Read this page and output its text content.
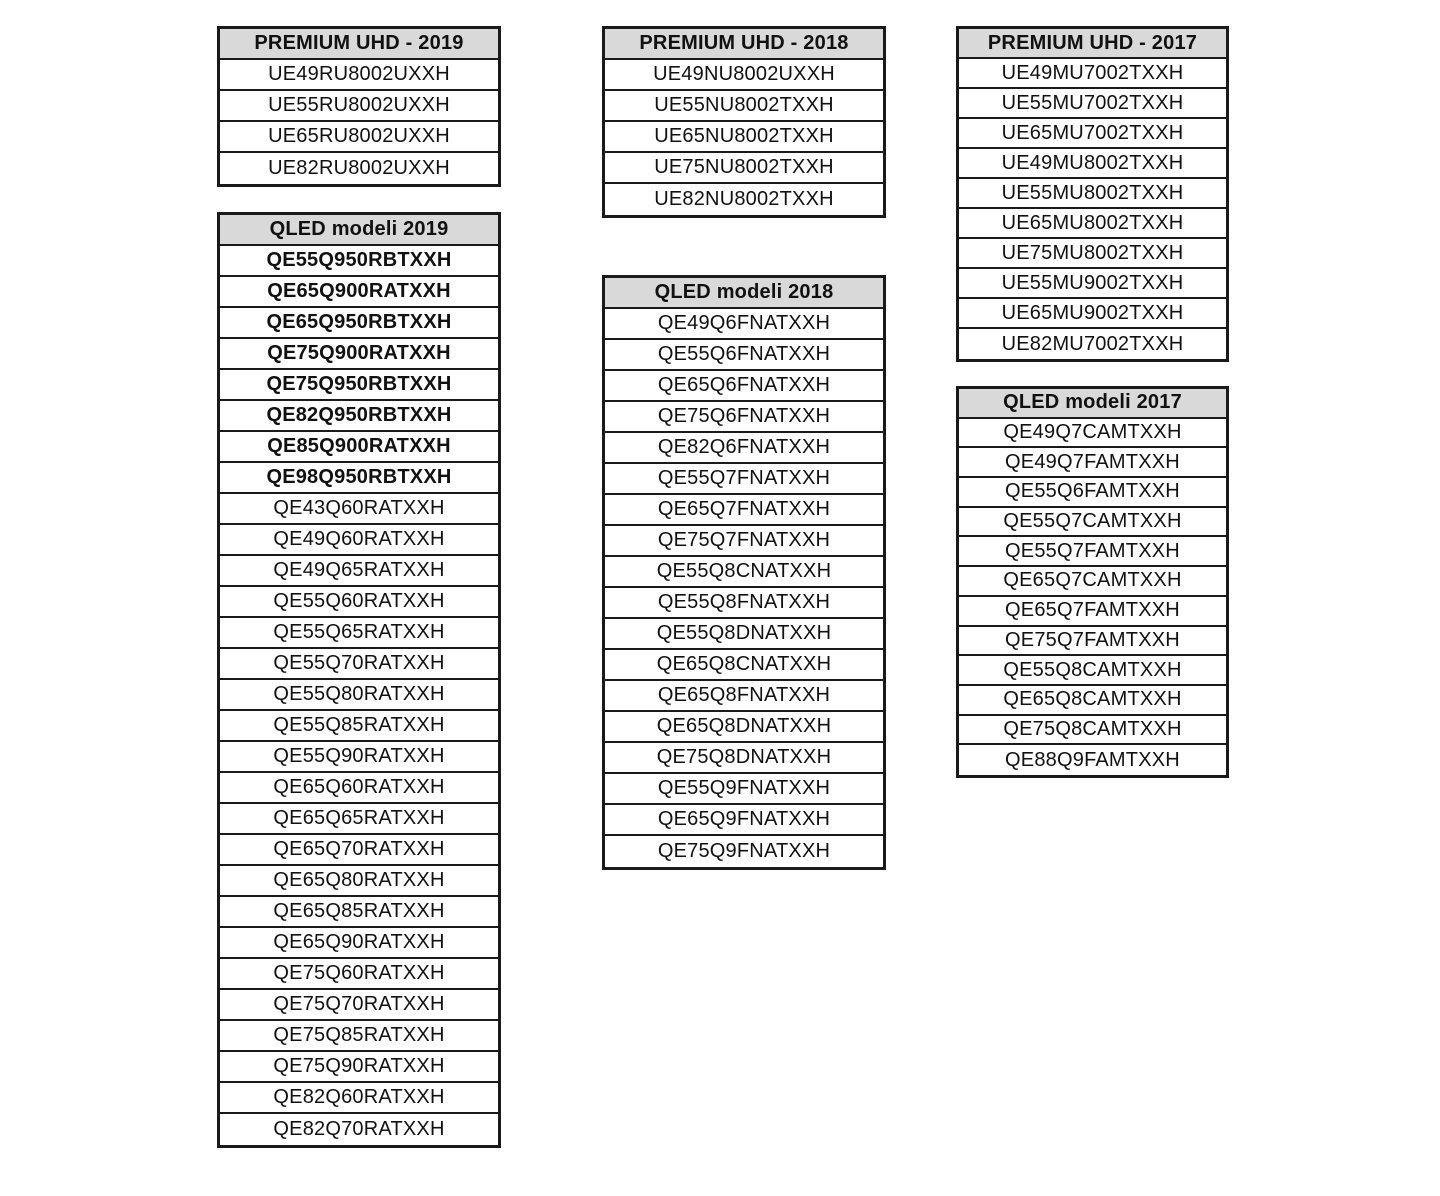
PREMIUM UHD - 2019
UE49RU8002UXXH
UE55RU8002UXXH
UE65RU8002UXXH
UE82RU8002UXXH
QLED modeli 2019
QE55Q950RBTXXH
QE65Q900RATXXH
QE65Q950RBTXXH
QE75Q900RATXXH
QE75Q950RBTXXH
QE82Q950RBTXXH
QE85Q900RATXXH
QE98Q950RBTXXH
QE43Q60RATXXH
QE49Q60RATXXH
QE49Q65RATXXH
QE55Q60RATXXH
QE55Q65RATXXH
QE55Q70RATXXH
QE55Q80RATXXH
QE55Q85RATXXH
QE55Q90RATXXH
QE65Q60RATXXH
QE65Q65RATXXH
QE65Q70RATXXH
QE65Q80RATXXH
QE65Q85RATXXH
QE65Q90RATXXH
QE75Q60RATXXH
QE75Q70RATXXH
QE75Q85RATXXH
QE75Q90RATXXH
QE82Q60RATXXH
QE82Q70RATXXH
PREMIUM UHD - 2018
UE49NU8002UXXH
UE55NU8002TXXH
UE65NU8002TXXH
UE75NU8002TXXH
UE82NU8002TXXH
QLED modeli 2018
QE49Q6FNATXXH
QE55Q6FNATXXH
QE65Q6FNATXXH
QE75Q6FNATXXH
QE82Q6FNATXXH
QE55Q7FNATXXH
QE65Q7FNATXXH
QE75Q7FNATXXH
QE55Q8CNATXXH
QE55Q8FNATXXH
QE55Q8DNATXXH
QE65Q8CNATXXH
QE65Q8FNATXXH
QE65Q8DNATXXH
QE75Q8DNATXXH
QE55Q9FNATXXH
QE65Q9FNATXXH
QE75Q9FNATXXH
PREMIUM UHD - 2017
UE49MU7002TXXH
UE55MU7002TXXH
UE65MU7002TXXH
UE49MU8002TXXH
UE55MU8002TXXH
UE65MU8002TXXH
UE75MU8002TXXH
UE55MU9002TXXH
UE65MU9002TXXH
UE82MU7002TXXH
QLED modeli 2017
QE49Q7CAMTXXH
QE49Q7FAMTXXH
QE55Q6FAMTXXH
QE55Q7CAMTXXH
QE55Q7FAMTXXH
QE65Q7CAMTXXH
QE65Q7FAMTXXH
QE75Q7FAMTXXH
QE55Q8CAMTXXH
QE65Q8CAMTXXH
QE75Q8CAMTXXH
QE88Q9FAMTXXH
